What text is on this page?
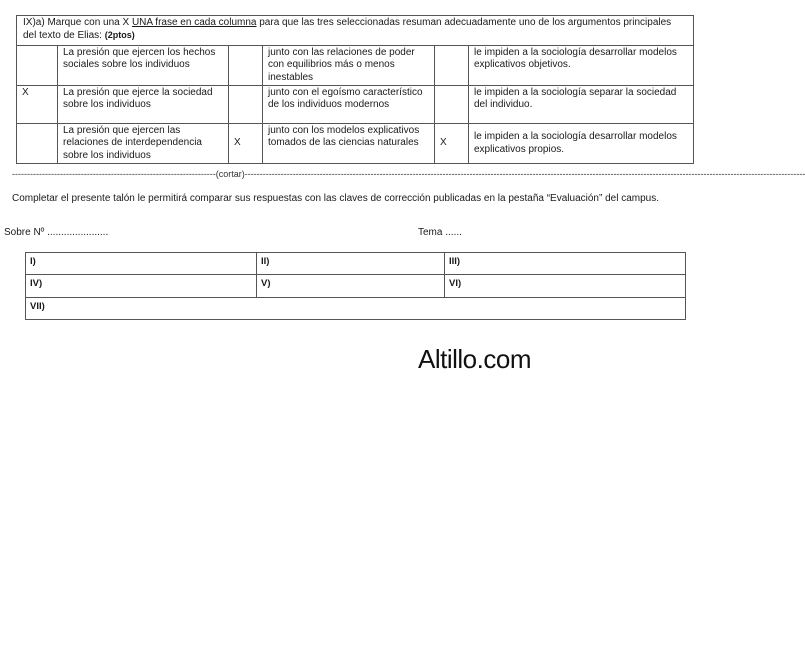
IX)a) Marque con una X UNA frase en cada columna para que las tres seleccionadas resuman adecuadamente uno de los argumentos principales del texto de Elias: (2ptos)					
	La presión que ejercen los hechos sociales sobre los individuos		junto con las relaciones de poder con equilibrios más o menos inestables		le impiden a la sociología desarrollar modelos explicativos objetivos.
X	La presión que ejerce la sociedad sobre los individuos		junto con el egoísmo característico de los individuos modernos		le impiden a la sociología separar la sociedad del individuo.
	La presión que ejercen las relaciones de interdependencia sobre los individuos	X	junto con los modelos explicativos tomados de las ciencias naturales	X	le impiden a la sociología desarrollar modelos explicativos propios.
--------------------------------------------------------------------(cortar)-------------------------------------------------------------------------------------------------------------------------------------------------------------------------------------------
Completar el presente talón le permitirá comparar sus respuestas con las claves de corrección publicadas en la pestaña “Evaluación” del campus.
Sobre Nº ......................	Tema ......
I)	II)	III)
IV)	V)	VI)
VII)		
Altillo.com
